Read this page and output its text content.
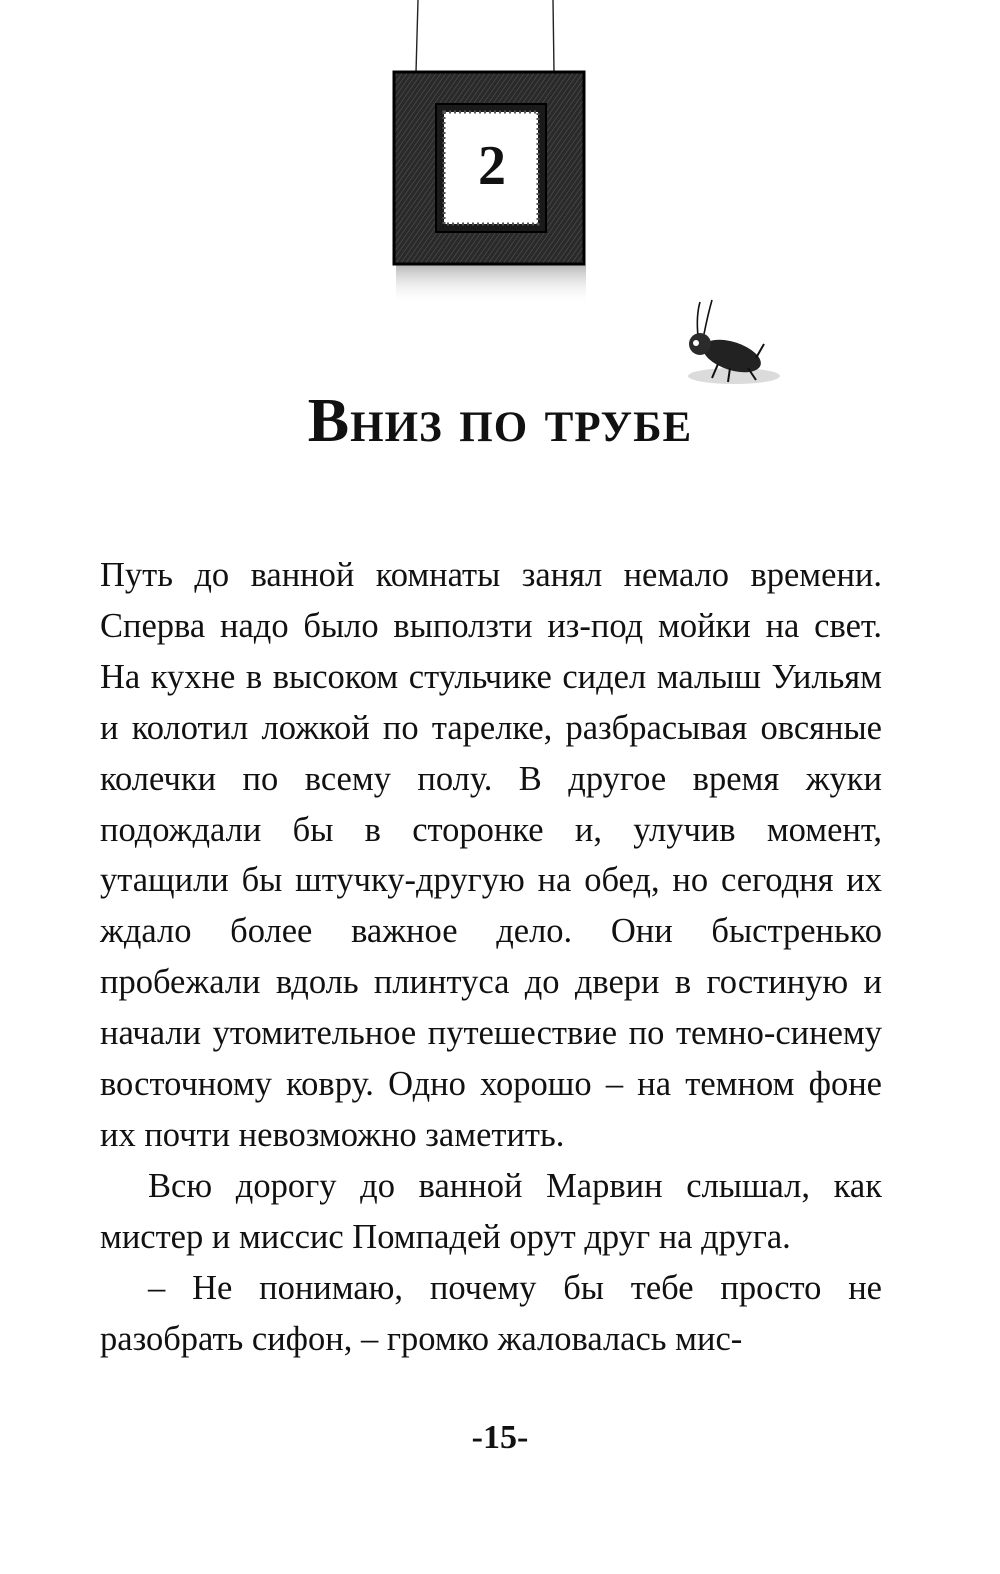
2
Вниз по трубе

Путь до ванной комнаты занял немало времени. Сперва надо было выползти из-под мойки на свет. На кухне в высоком стульчике сидел малыш Уильям и колотил ложкой по тарелке, разбрасывая овсяные колечки по всему полу. В другое время жуки подождали бы в сторонке и, улучив момент, утащили бы штучку-другую на обед, но сегодня их ждало более важное дело. Они быстренько пробежали вдоль плинтуса до двери в гостиную и начали утомительное путешествие по темно-синему восточному ковру. Одно хорошо – на темном фоне их почти невозможно заметить.

Всю дорогу до ванной Марвин слышал, как мистер и миссис Помпадей орут друг на друга.

– Не понимаю, почему бы тебе просто не разобрать сифон, – громко жаловалась мис-

-15-
